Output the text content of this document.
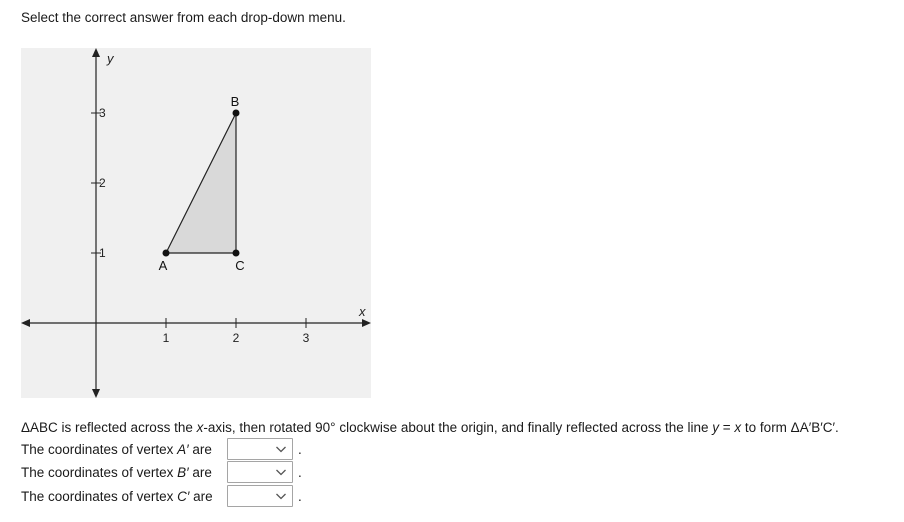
Select the correct answer from each drop-down menu.
y
x
1	2	3
1
2
3
A
B
C
ΔABC is reflected across the x-axis, then rotated 90° clockwise about the origin, and finally reflected across the line y = x to form ΔA′B′C′.
The coordinates of vertex A′ are	.
The coordinates of vertex B′ are	.
The coordinates of vertex C′ are	.
